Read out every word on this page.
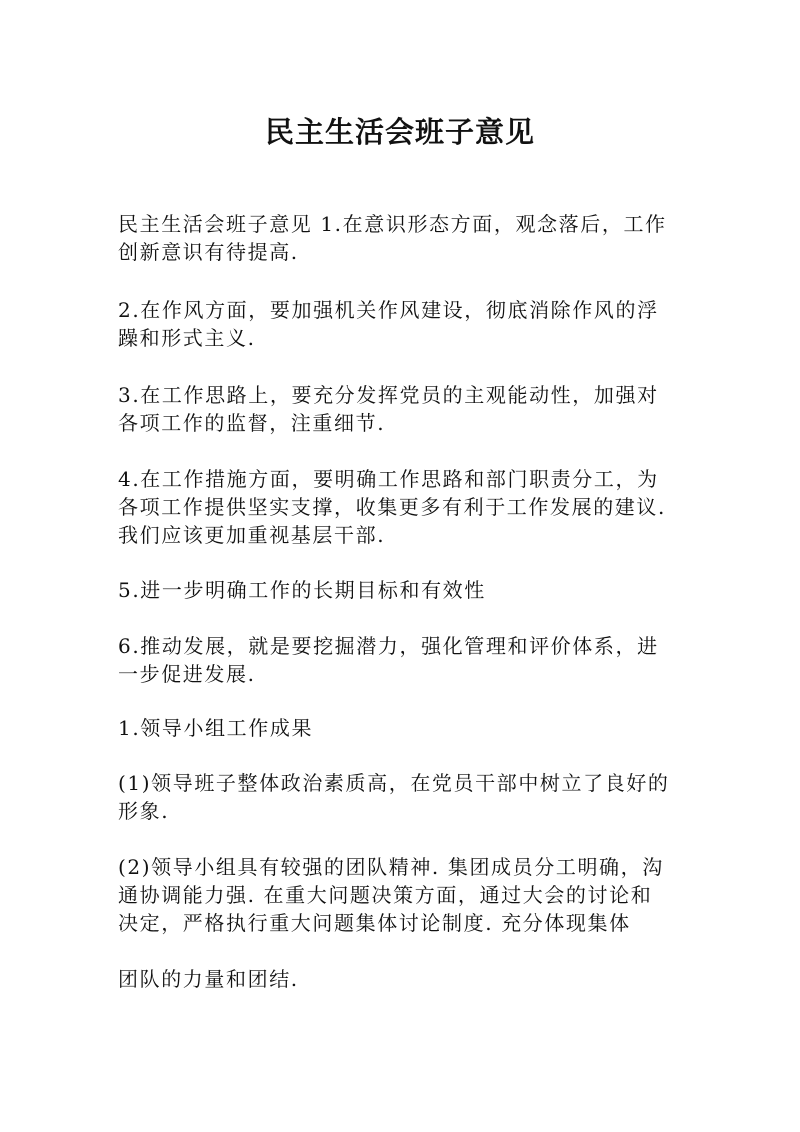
民主生活会班子意见

民主生活会班子意见 1.在意识形态方面，观念落后，工作
创新意识有待提高.

2.在作风方面，要加强机关作风建设，彻底消除作风的浮
躁和形式主义.

3.在工作思路上，要充分发挥党员的主观能动性，加强对
各项工作的监督，注重细节.

4.在工作措施方面，要明确工作思路和部门职责分工，为
各项工作提供坚实支撑，收集更多有利于工作发展的建议.
我们应该更加重视基层干部.

5.进一步明确工作的长期目标和有效性

6.推动发展，就是要挖掘潜力，强化管理和评价体系，进
一步促进发展.

1.领导小组工作成果

(1)领导班子整体政治素质高，在党员干部中树立了良好的
形象.

(2)领导小组具有较强的团队精神. 集团成员分工明确，沟
通协调能力强. 在重大问题决策方面，通过大会的讨论和
决定，严格执行重大问题集体讨论制度. 充分体现集体

团队的力量和团结.
